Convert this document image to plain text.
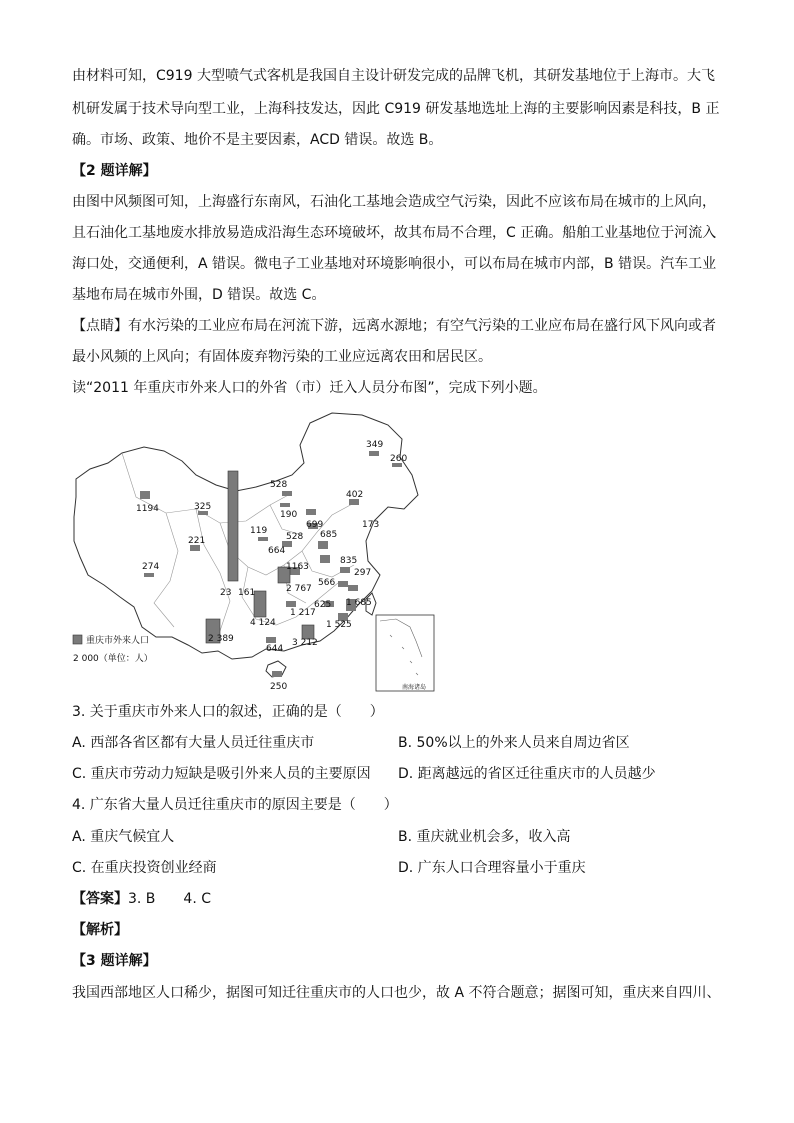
由材料可知，C919 大型喷气式客机是我国自主设计研发完成的品牌飞机，其研发基地位于上海市。大飞
机研发属于技术导向型工业，上海科技发达，因此 C919 研发基地选址上海的主要影响因素是科技，B 正
确。市场、政策、地价不是主要因素，ACD 错误。故选 B。
【2 题详解】
由图中风频图可知，上海盛行东南风，石油化工基地会造成空气污染，因此不应该布局在城市的上风向，
且石油化工基地废水排放易造成沿海生态环境破坏，故其布局不合理，C 正确。船舶工业基地位于河流入
海口处，交通便利，A 错误。微电子工业基地对环境影响很小，可以布局在城市内部，B 错误。汽车工业
基地布局在城市外围，D 错误。故选 C。
【点睛】有水污染的工业应布局在河流下游，远离水源地；有空气污染的工业应布局在盛行风下风向或者
最小风频的上风向；有固体废弃物污染的工业应远离农田和居民区。
读“2011 年重庆市外来人口的外省（市）迁入人员分布图”，完成下列小题。
349
260
528
402
1194	325
190
173
119
699
221	528 685
664
835
274	1163
297
566
2 767
23 161
625 1 685
1 217
4 124	1 525
2 389	3 212
644
250
重庆市外来人口
2 000（单位：人）
南海诸岛
3. 关于重庆市外来人口的叙述，正确的是（　　）
A. 西部各省区都有大量人员迁往重庆市	B. 50%以上的外来人员来自周边省区
C. 重庆市劳动力短缺是吸引外来人员的主要原因 D. 距离越远的省区迁往重庆市的人员越少
4. 广东省大量人员迁往重庆市的原因主要是（　　）
A. 重庆气候宜人	B. 重庆就业机会多，收入高
C. 在重庆投资创业经商	D. 广东人口合理容量小于重庆
【答案】3. B　　4. C
【解析】
【3 题详解】
我国西部地区人口稀少，据图可知迁往重庆市的人口也少，故 A 不符合题意；据图可知，重庆来自四川、
